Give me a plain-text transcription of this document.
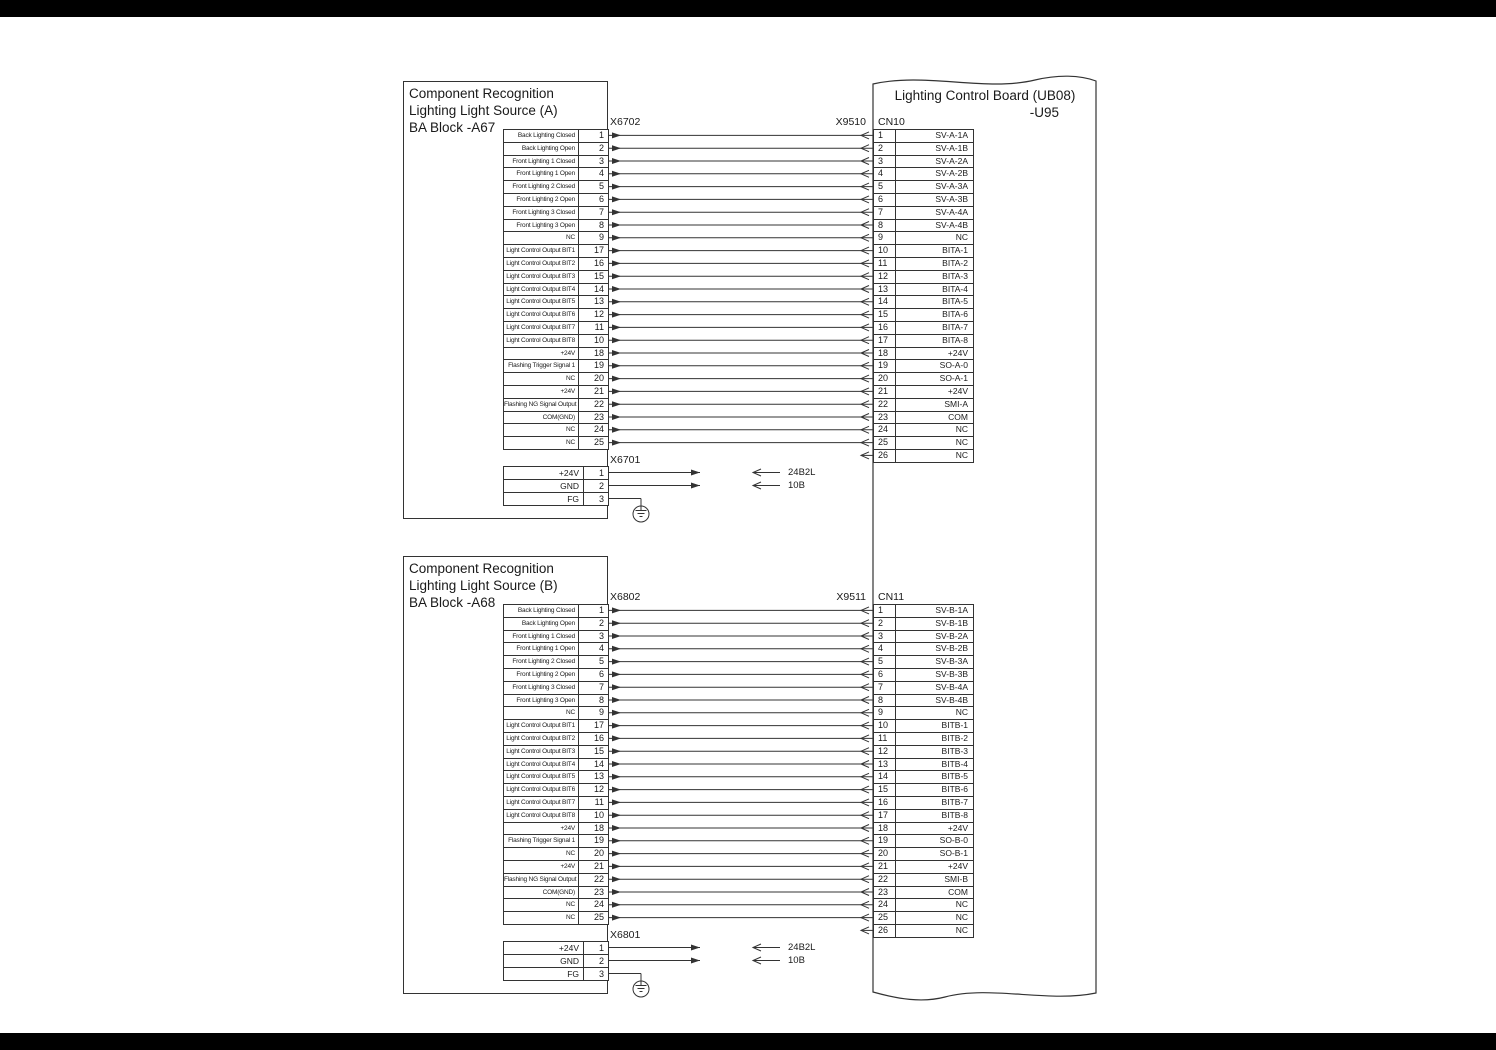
Lighting Control Board (UB08)
-U95
Component Recognition
Lighting Light Source (A)
BA Block -A67	X6702	X9510 CN10
X6701
Back Lighting Closed	1
Back Lighting Open	2
Front Lighting 1 Closed	3
Front Lighting 1 Open	4
Front Lighting 2 Closed	5
Front Lighting 2 Open	6
Front Lighting 3 Closed	7
Front Lighting 3 Open	8
NC	9
Light Control Output BIT1	17
Light Control Output BIT2	16
Light Control Output BIT3	15
Light Control Output BIT4	14
Light Control Output BIT5	13
Light Control Output BIT6	12
Light Control Output BIT7	11
Light Control Output BIT8	10
+24V	18
Flashing Trigger Signal 1	19
NC	20
+24V	21
Flashing NG Signal Output	22
COM(GND)	23
NC	24
NC	25
1	SV-A-1A
2	SV-A-1B
3	SV-A-2A
4	SV-A-2B
5	SV-A-3A
6	SV-A-3B
7	SV-A-4A
8	SV-A-4B
9	NC
10	BITA-1
11	BITA-2
12	BITA-3
13	BITA-4
14	BITA-5
15	BITA-6
16	BITA-7
17	BITA-8
18	+24V
19	SO-A-0
20	SO-A-1
21	+24V
22	SMI-A
23	COM
24	NC
25	NC
26	NC
+24V	1
GND	2
FG	3
24B2L
10B
Component Recognition
Lighting Light Source (B)
BA Block -A68	X6802	X9511 CN11
X6801
Back Lighting Closed	1
Back Lighting Open	2
Front Lighting 1 Closed	3
Front Lighting 1 Open	4
Front Lighting 2 Closed	5
Front Lighting 2 Open	6
Front Lighting 3 Closed	7
Front Lighting 3 Open	8
NC	9
Light Control Output BIT1	17
Light Control Output BIT2	16
Light Control Output BIT3	15
Light Control Output BIT4	14
Light Control Output BIT5	13
Light Control Output BIT6	12
Light Control Output BIT7	11
Light Control Output BIT8	10
+24V	18
Flashing Trigger Signal 1	19
NC	20
+24V	21
Flashing NG Signal Output	22
COM(GND)	23
NC	24
NC	25
1	SV-B-1A
2	SV-B-1B
3	SV-B-2A
4	SV-B-2B
5	SV-B-3A
6	SV-B-3B
7	SV-B-4A
8	SV-B-4B
9	NC
10	BITB-1
11	BITB-2
12	BITB-3
13	BITB-4
14	BITB-5
15	BITB-6
16	BITB-7
17	BITB-8
18	+24V
19	SO-B-0
20	SO-B-1
21	+24V
22	SMI-B
23	COM
24	NC
25	NC
26	NC
+24V	1
GND	2
FG	3
24B2L
10B
